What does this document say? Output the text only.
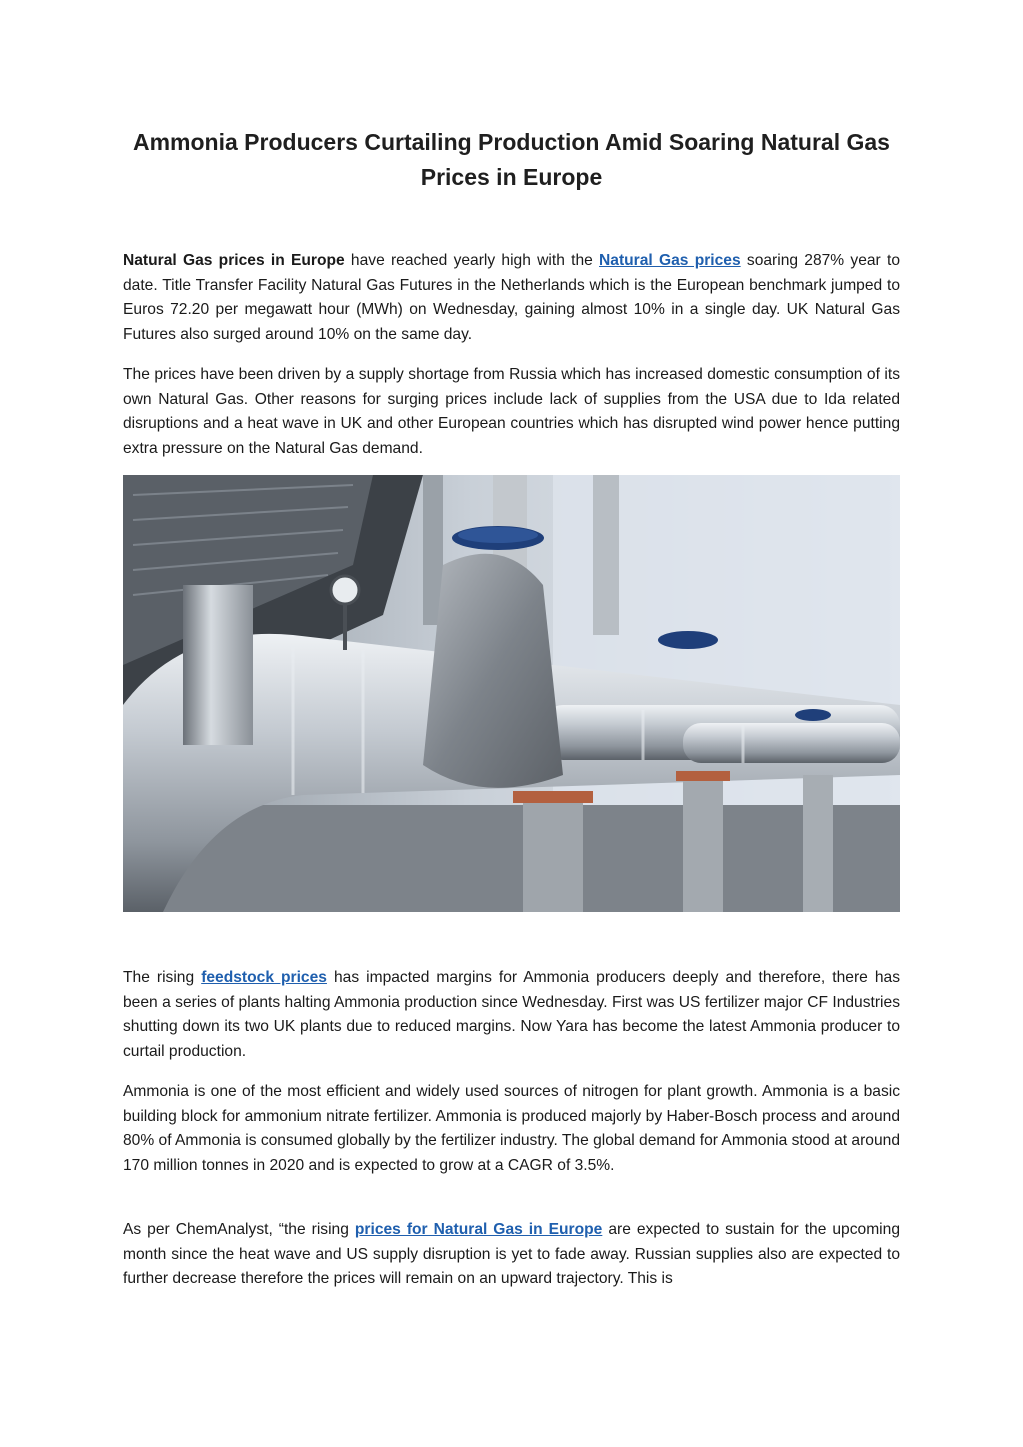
Ammonia Producers Curtailing Production Amid Soaring Natural Gas Prices in Europe

Natural Gas prices in Europe have reached yearly high with the Natural Gas prices soaring 287% year to date. Title Transfer Facility Natural Gas Futures in the Netherlands which is the European benchmark jumped to Euros 72.20 per megawatt hour (MWh) on Wednesday, gaining almost 10% in a single day. UK Natural Gas Futures also surged around 10% on the same day.

The prices have been driven by a supply shortage from Russia which has increased domestic consumption of its own Natural Gas. Other reasons for surging prices include lack of supplies from the USA due to Ida related disruptions and a heat wave in UK and other European countries which has disrupted wind power hence putting extra pressure on the Natural Gas demand.

The rising feedstock prices has impacted margins for Ammonia producers deeply and therefore, there has been a series of plants halting Ammonia production since Wednesday. First was US fertilizer major CF Industries shutting down its two UK plants due to reduced margins. Now Yara has become the latest Ammonia producer to curtail production.

Ammonia is one of the most efficient and widely used sources of nitrogen for plant growth. Ammonia is a basic building block for ammonium nitrate fertilizer. Ammonia is produced majorly by Haber-Bosch process and around 80% of Ammonia is consumed globally by the fertilizer industry. The global demand for Ammonia stood at around 170 million tonnes in 2020 and is expected to grow at a CAGR of 3.5%.

As per ChemAnalyst, “the rising prices for Natural Gas in Europe are expected to sustain for the upcoming month since the heat wave and US supply disruption is yet to fade away. Russian supplies also are expected to further decrease therefore the prices will remain on an upward trajectory. This is
